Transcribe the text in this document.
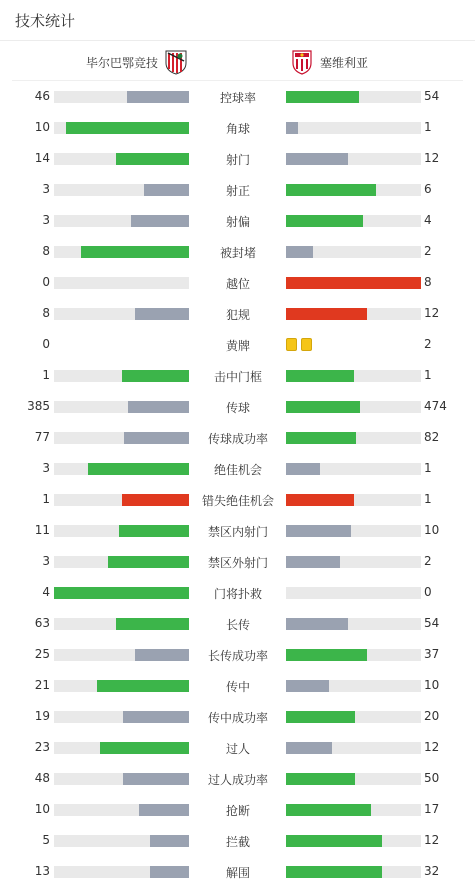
技术统计
毕尔巴鄂竞技	塞维利亚
46	控球率	54
10	角球	1
14	射门	12
3	射正	6
3	射偏	4
8	被封堵	2
0	越位	8
8	犯规	12
0	黄牌	2
1	击中门框	1
385	传球	474
77	传球成功率	82
3	绝佳机会	1
1	错失绝佳机会	1
11	禁区内射门	10
3	禁区外射门	2
4	门将扑救	0
63	长传	54
25	长传成功率	37
21	传中	10
19	传中成功率	20
23	过人	12
48	过人成功率	50
10	抢断	17
5	拦截	12
13	解围	32
